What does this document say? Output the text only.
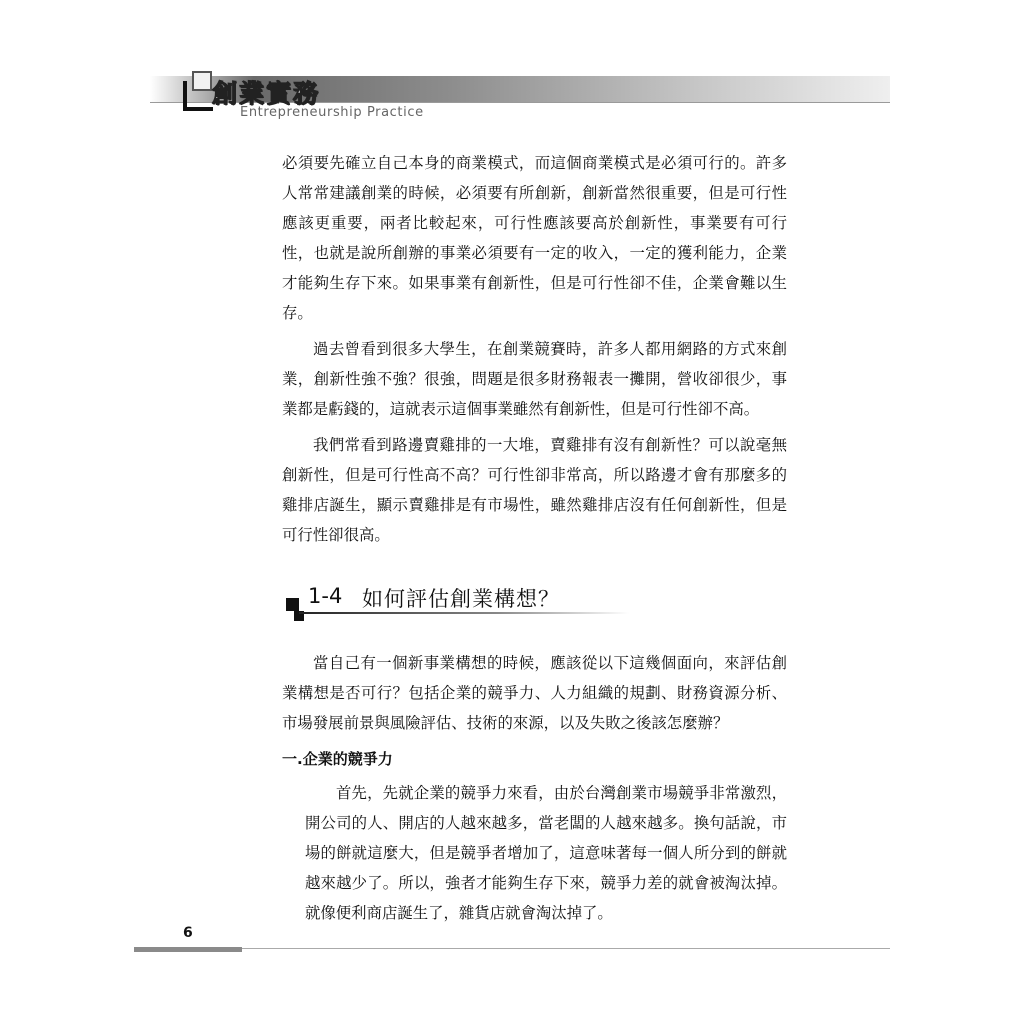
創業實務
Entrepreneurship Practice

必須要先確立自己本身的商業模式，而這個商業模式是必須可行的。許多人常常建議創業的時候，必須要有所創新，創新當然很重要，但是可行性應該更重要，兩者比較起來，可行性應該要高於創新性，事業要有可行性，也就是說所創辦的事業必須要有一定的收入，一定的獲利能力，企業才能夠生存下來。如果事業有創新性，但是可行性卻不佳，企業會難以生存。

過去曾看到很多大學生，在創業競賽時，許多人都用網路的方式來創業，創新性強不強？很強，問題是很多財務報表一攤開，營收卻很少，事業都是虧錢的，這就表示這個事業雖然有創新性，但是可行性卻不高。

我們常看到路邊賣雞排的一大堆，賣雞排有沒有創新性？可以說毫無創新性，但是可行性高不高？可行性卻非常高，所以路邊才會有那麼多的雞排店誕生，顯示賣雞排是有市場性，雖然雞排店沒有任何創新性，但是可行性卻很高。

1-4 如何評估創業構想？

當自己有一個新事業構想的時候，應該從以下這幾個面向，來評估創業構想是否可行？包括企業的競爭力、人力組織的規劃、財務資源分析、市場發展前景與風險評估、技術的來源，以及失敗之後該怎麼辦？

一.企業的競爭力

首先，先就企業的競爭力來看，由於台灣創業市場競爭非常激烈，開公司的人、開店的人越來越多，當老闆的人越來越多。換句話說，市場的餅就這麼大，但是競爭者增加了，這意味著每一個人所分到的餅就越來越少了。所以，強者才能夠生存下來，競爭力差的就會被淘汰掉。就像便利商店誕生了，雜貨店就會淘汰掉了。

6
